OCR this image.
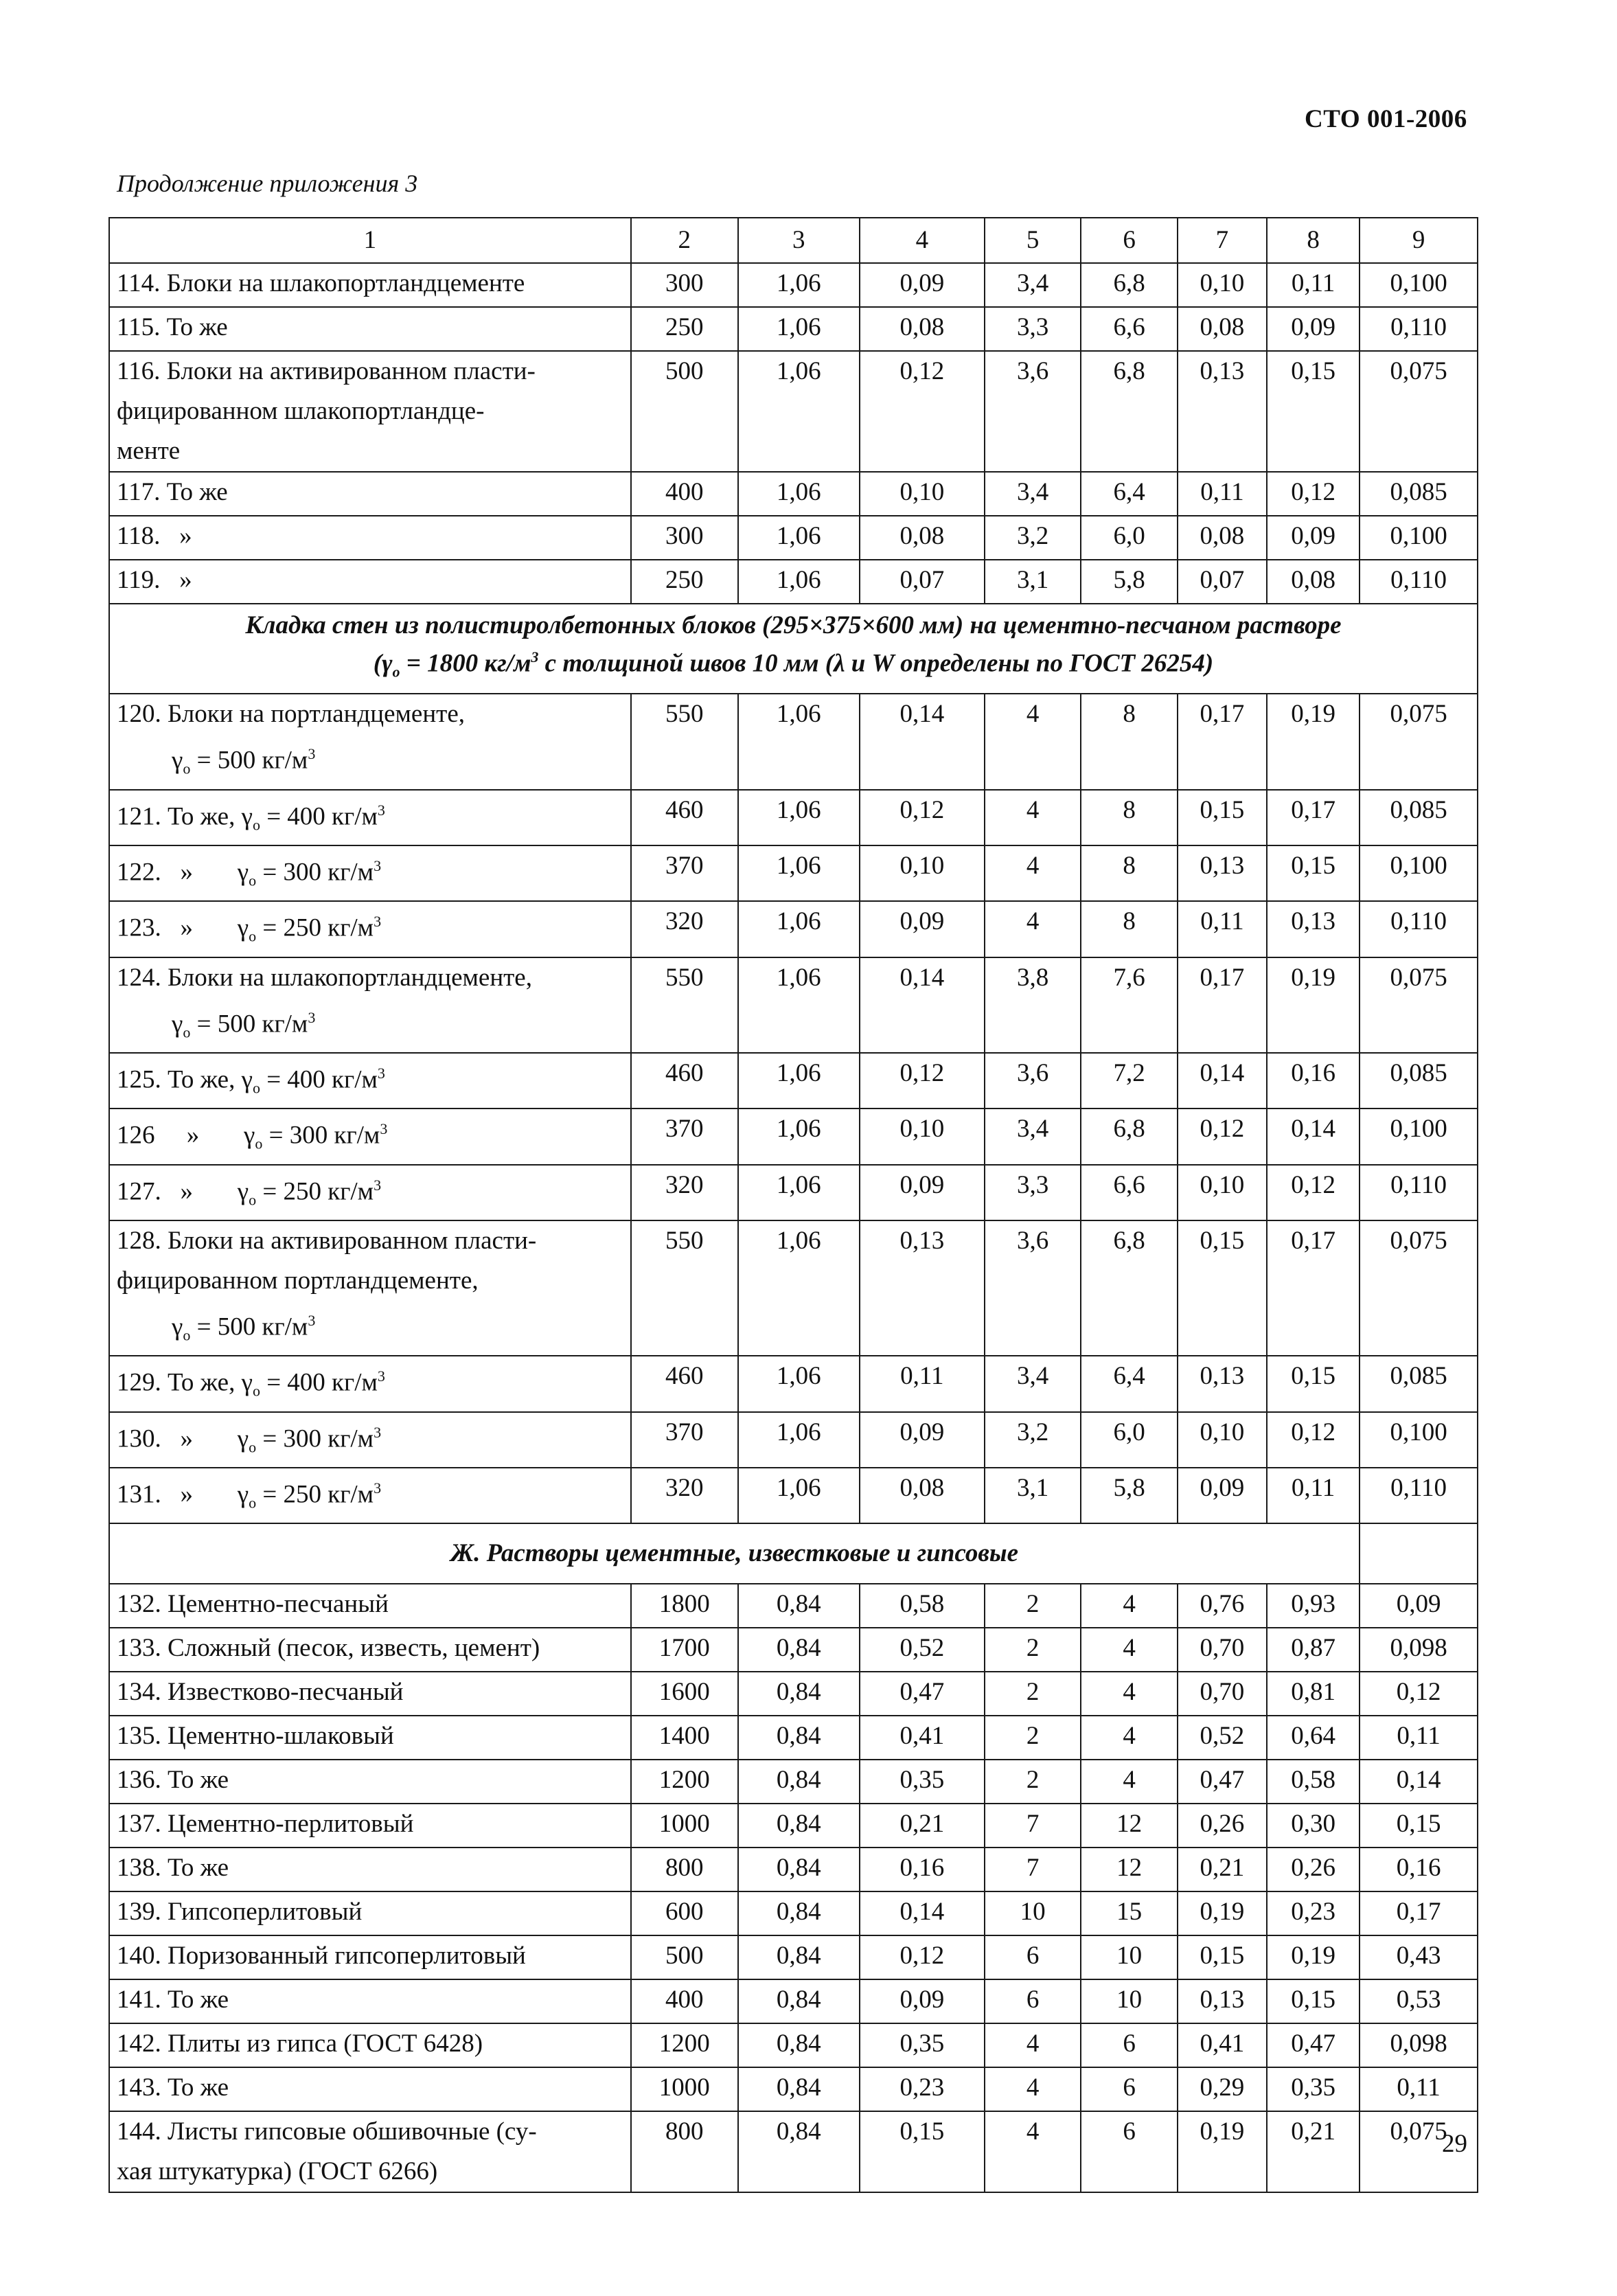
СТО 001-2006
Продолжение приложения 3
1	2	3	4	5	6	7	8	9

114. Блоки на шлакопортландцементе	300	1,06	0,09	3,4	6,8	0,10	0,11	0,100

115. То же	250	1,06	0,08	3,3	6,6	0,08	0,09	0,110

116. Блоки на активированном пласти-
фицированном шлакопортландце-
менте	500	1,06	0,12	3,6	6,8	0,13	0,15	0,075

117. То же	400	1,06	0,10	3,4	6,4	0,11	0,12	0,085

118.   »	300	1,06	0,08	3,2	6,0	0,08	0,09	0,100

119.   »	250	1,06	0,07	3,1	5,8	0,07	0,08	0,110

Кладка стен из полистиролбетонных блоков (295×375×600 мм) на цементно-песчаном растворе
($\gamma_o = 1800$ $кг/м^3$ с толщиной швов 10 мм (λ и W определены по ГОСТ 26254)								

120. Блоки на портландцементе,
$\gamma_o = 500$ $кг/м^3$	550	1,06	0,14	4	8	0,17	0,19	0,075

121. То же, $\gamma_o = 400$ $кг/м^3$	460	1,06	0,12	4	8	0,15	0,17	0,085

122.   »       $\gamma_o = 300$ $кг/м^3$	370	1,06	0,10	4	8	0,13	0,15	0,100

123.   »       $\gamma_o = 250$ $кг/м^3$	320	1,06	0,09	4	8	0,11	0,13	0,110

124. Блоки на шлакопортландцементе,
$\gamma_o = 500$ $кг/м^3$	550	1,06	0,14	3,8	7,6	0,17	0,19	0,075

125. То же, $\gamma_o = 400$ $кг/м^3$	460	1,06	0,12	3,6	7,2	0,14	0,16	0,085

126     »       $\gamma_o = 300$ $кг/м^3$	370	1,06	0,10	3,4	6,8	0,12	0,14	0,100

127.   »       $\gamma_o = 250$ $кг/м^3$	320	1,06	0,09	3,3	6,6	0,10	0,12	0,110

128. Блоки на активированном пласти-
фицированном портландцементе,
$\gamma_o = 500$ $кг/м^3$	550	1,06	0,13	3,6	6,8	0,15	0,17	0,075

129. То же, $\gamma_o = 400$ $кг/м^3$	460	1,06	0,11	3,4	6,4	0,13	0,15	0,085

130.   »       $\gamma_o = 300$ $кг/м^3$	370	1,06	0,09	3,2	6,0	0,10	0,12	0,100

131.   »       $\gamma_o = 250$ $кг/м^3$	320	1,06	0,08	3,1	5,8	0,09	0,11	0,110
Ж. Растворы цементные, известковые и гипсовые								

132. Цементно-песчаный	1800	0,84	0,58	2	4	0,76	0,93	0,09

133. Сложный (песок, известь, цемент)	1700	0,84	0,52	2	4	0,70	0,87	0,098

134. Известково-песчаный	1600	0,84	0,47	2	4	0,70	0,81	0,12

135. Цементно-шлаковый	1400	0,84	0,41	2	4	0,52	0,64	0,11

136. То же	1200	0,84	0,35	2	4	0,47	0,58	0,14

137. Цементно-перлитовый	1000	0,84	0,21	7	12	0,26	0,30	0,15

138. То же	800	0,84	0,16	7	12	0,21	0,26	0,16

139. Гипсоперлитовый	600	0,84	0,14	10	15	0,19	0,23	0,17

140. Поризованный гипсоперлитовый	500	0,84	0,12	6	10	0,15	0,19	0,43

141. То же	400	0,84	0,09	6	10	0,13	0,15	0,53

142. Плиты из гипса (ГОСТ 6428)	1200	0,84	0,35	4	6	0,41	0,47	0,098

143. То же	1000	0,84	0,23	4	6	0,29	0,35	0,11

144. Листы гипсовые обшивочные (су-
хая штукатурка) (ГОСТ 6266)	800	0,84	0,15	4	6	0,19	0,21	0,075
29
